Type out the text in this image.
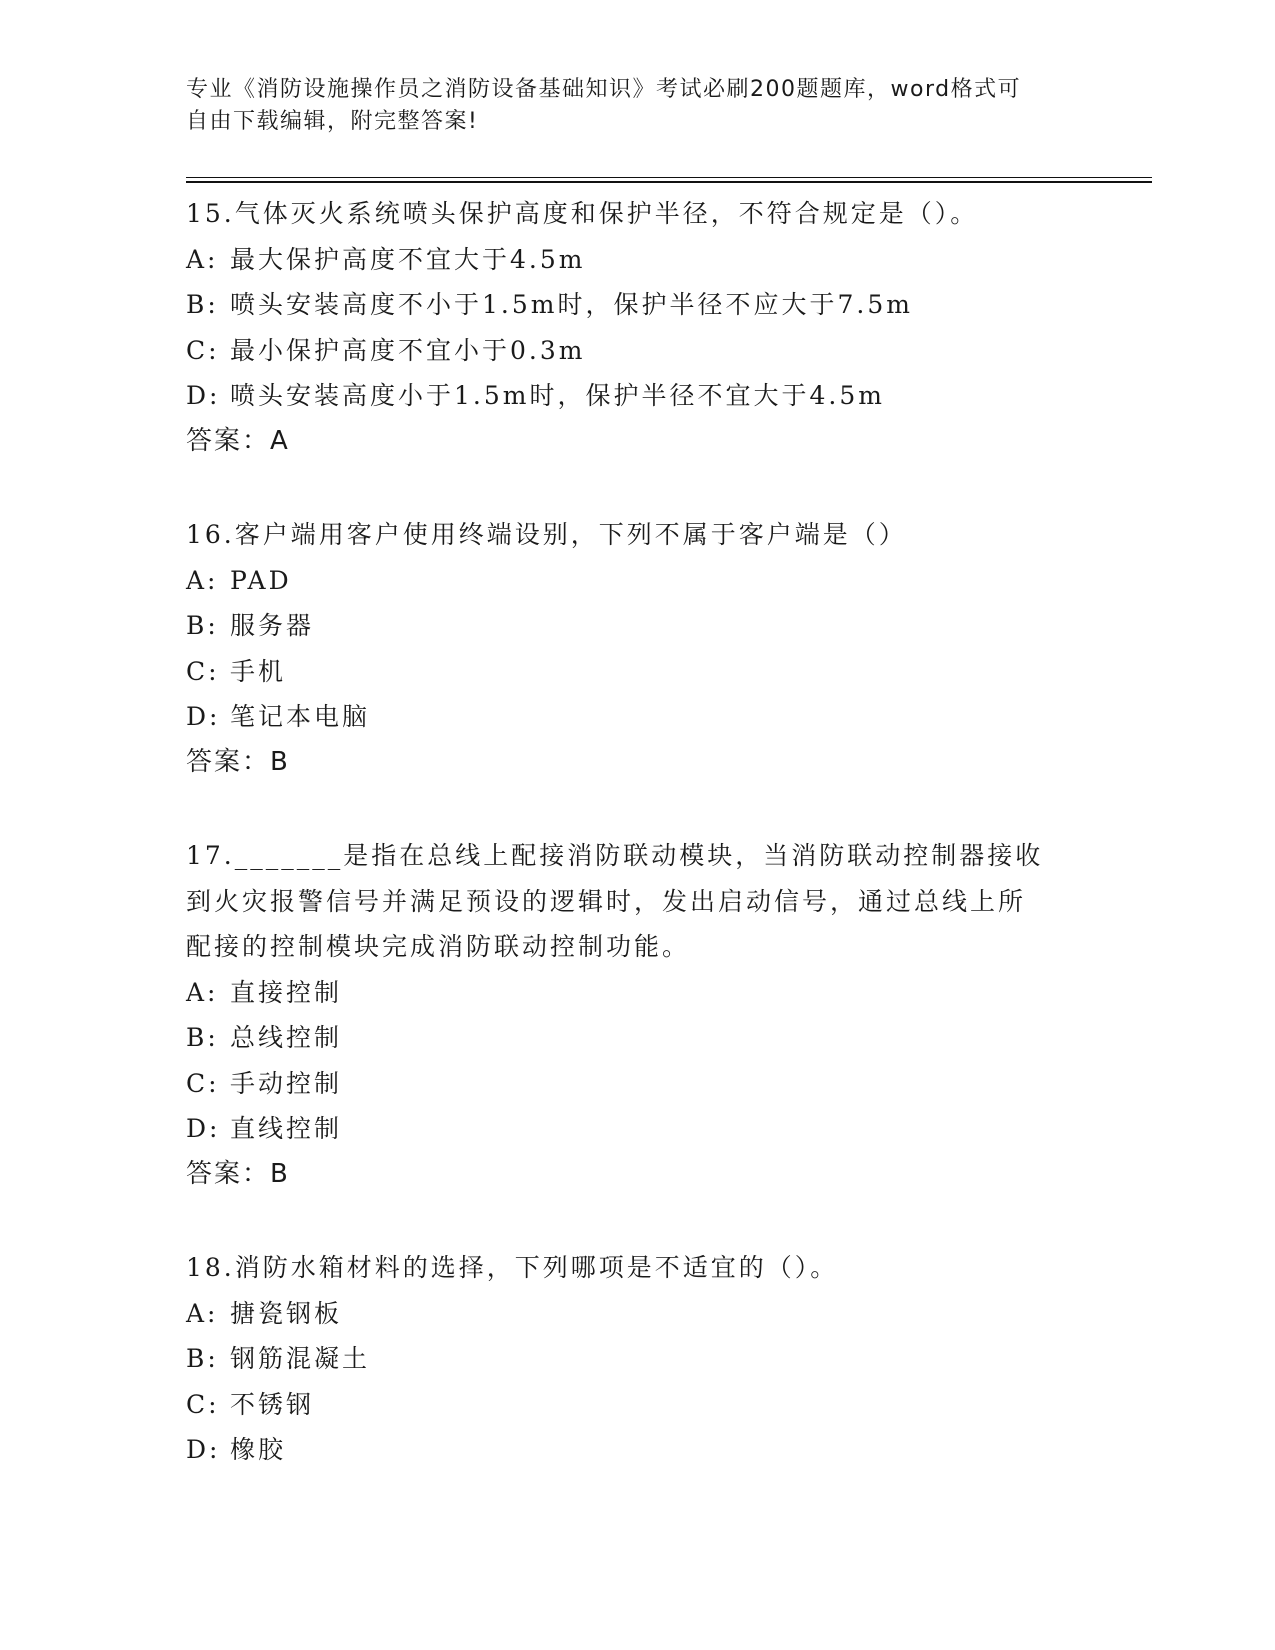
专业《消防设施操作员之消防设备基础知识》考试必刷200题题库，word格式可
自由下载编辑，附完整答案!
15.气体灭火系统喷头保护高度和保护半径，不符合规定是（）。
A: 最大保护高度不宜大于4.5m
B: 喷头安装高度不小于1.5m时，保护半径不应大于7.5m
C: 最小保护高度不宜小于0.3m
D: 喷头安装高度小于1.5m时，保护半径不宜大于4.5m
答案：A
16.客户端用客户使用终端设别，下列不属于客户端是（）
A: PAD
B: 服务器
C: 手机
D: 笔记本电脑
答案：B
17._______是指在总线上配接消防联动模块，当消防联动控制器接收
到火灾报警信号并满足预设的逻辑时，发出启动信号，通过总线上所
配接的控制模块完成消防联动控制功能。
A: 直接控制
B: 总线控制
C: 手动控制
D: 直线控制
答案：B
18.消防水箱材料的选择，下列哪项是不适宜的（）。
A: 搪瓷钢板
B: 钢筋混凝土
C: 不锈钢
D: 橡胶
